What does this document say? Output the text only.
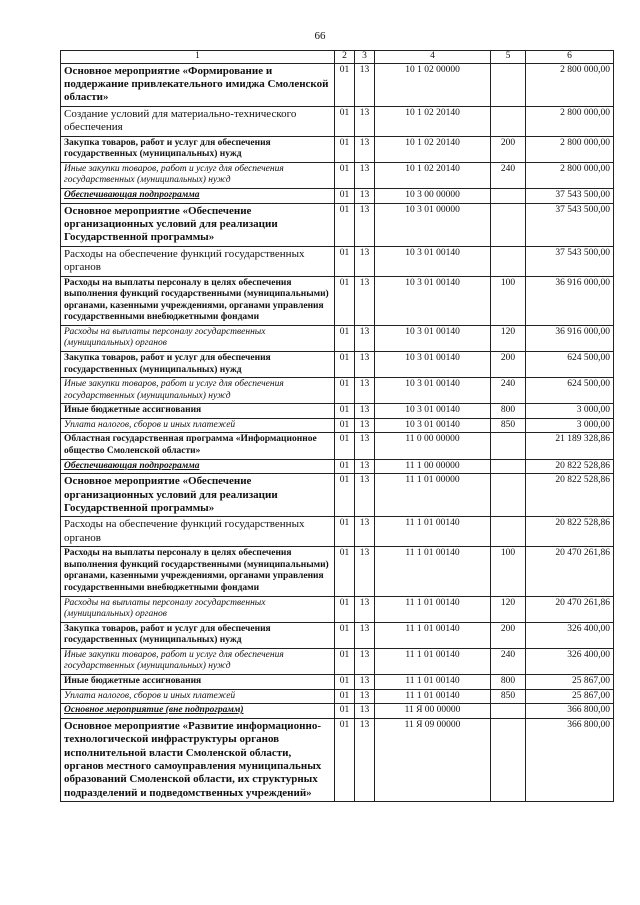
66
1	2	3	4	5	6
Основное мероприятие «Формирование и поддержание привлекательного имиджа Смоленской области»	01	13	10 1 02 00000		2 800 000,00
Создание условий для материально-технического обеспечения	01	13	10 1 02 20140		2 800 000,00
Закупка товаров, работ и услуг для обеспечения государственных (муниципальных) нужд	01	13	10 1 02 20140	200	2 800 000,00
Иные закупки товаров, работ и услуг для обеспечения государственных (муниципальных) нужд	01	13	10 1 02 20140	240	2 800 000,00
Обеспечивающая подпрограмма	01	13	10 3 00 00000		37 543 500,00
Основное мероприятие «Обеспечение организационных условий для реализации Государственной программы»	01	13	10 3 01 00000		37 543 500,00
Расходы на обеспечение функций государственных органов	01	13	10 3 01 00140		37 543 500,00
Расходы на выплаты персоналу в целях обеспечения выполнения функций государственными (муниципальными) органами, казенными учреждениями, органами управления государственными внебюджетными фондами	01	13	10 3 01 00140	100	36 916 000,00
Расходы на выплаты персоналу государственных (муниципальных) органов	01	13	10 3 01 00140	120	36 916 000,00
Закупка товаров, работ и услуг для обеспечения государственных (муниципальных) нужд	01	13	10 3 01 00140	200	624 500,00
Иные закупки товаров, работ и услуг для обеспечения государственных (муниципальных) нужд	01	13	10 3 01 00140	240	624 500,00
Иные бюджетные ассигнования	01	13	10 3 01 00140	800	3 000,00
Уплата налогов, сборов и иных платежей	01	13	10 3 01 00140	850	3 000,00
Областная государственная программа «Информационное общество Смоленской области»	01	13	11 0 00 00000		21 189 328,86
Обеспечивающая подпрограмма	01	13	11 1 00 00000		20 822 528,86
Основное мероприятие «Обеспечение организационных условий для реализации Государственной программы»	01	13	11 1 01 00000		20 822 528,86
Расходы на обеспечение функций государственных органов	01	13	11 1 01 00140		20 822 528,86
Расходы на выплаты персоналу в целях обеспечения выполнения функций государственными (муниципальными) органами, казенными учреждениями, органами управления государственными внебюджетными фондами	01	13	11 1 01 00140	100	20 470 261,86
Расходы на выплаты персоналу государственных (муниципальных) органов	01	13	11 1 01 00140	120	20 470 261,86
Закупка товаров, работ и услуг для обеспечения государственных (муниципальных) нужд	01	13	11 1 01 00140	200	326 400,00
Иные закупки товаров, работ и услуг для обеспечения государственных (муниципальных) нужд	01	13	11 1 01 00140	240	326 400,00
Иные бюджетные ассигнования	01	13	11 1 01 00140	800	25 867,00
Уплата налогов, сборов и иных платежей	01	13	11 1 01 00140	850	25 867,00
Основное мероприятие (вне подпрограмм)	01	13	11 Я 00 00000		366 800,00
Основное мероприятие «Развитие информационно-технологической инфраструктуры органов исполнительной власти Смоленской области, органов местного самоуправления муниципальных образований Смоленской области, их структурных подразделений и подведомственных учреждений»	01	13	11 Я 09 00000		366 800,00
